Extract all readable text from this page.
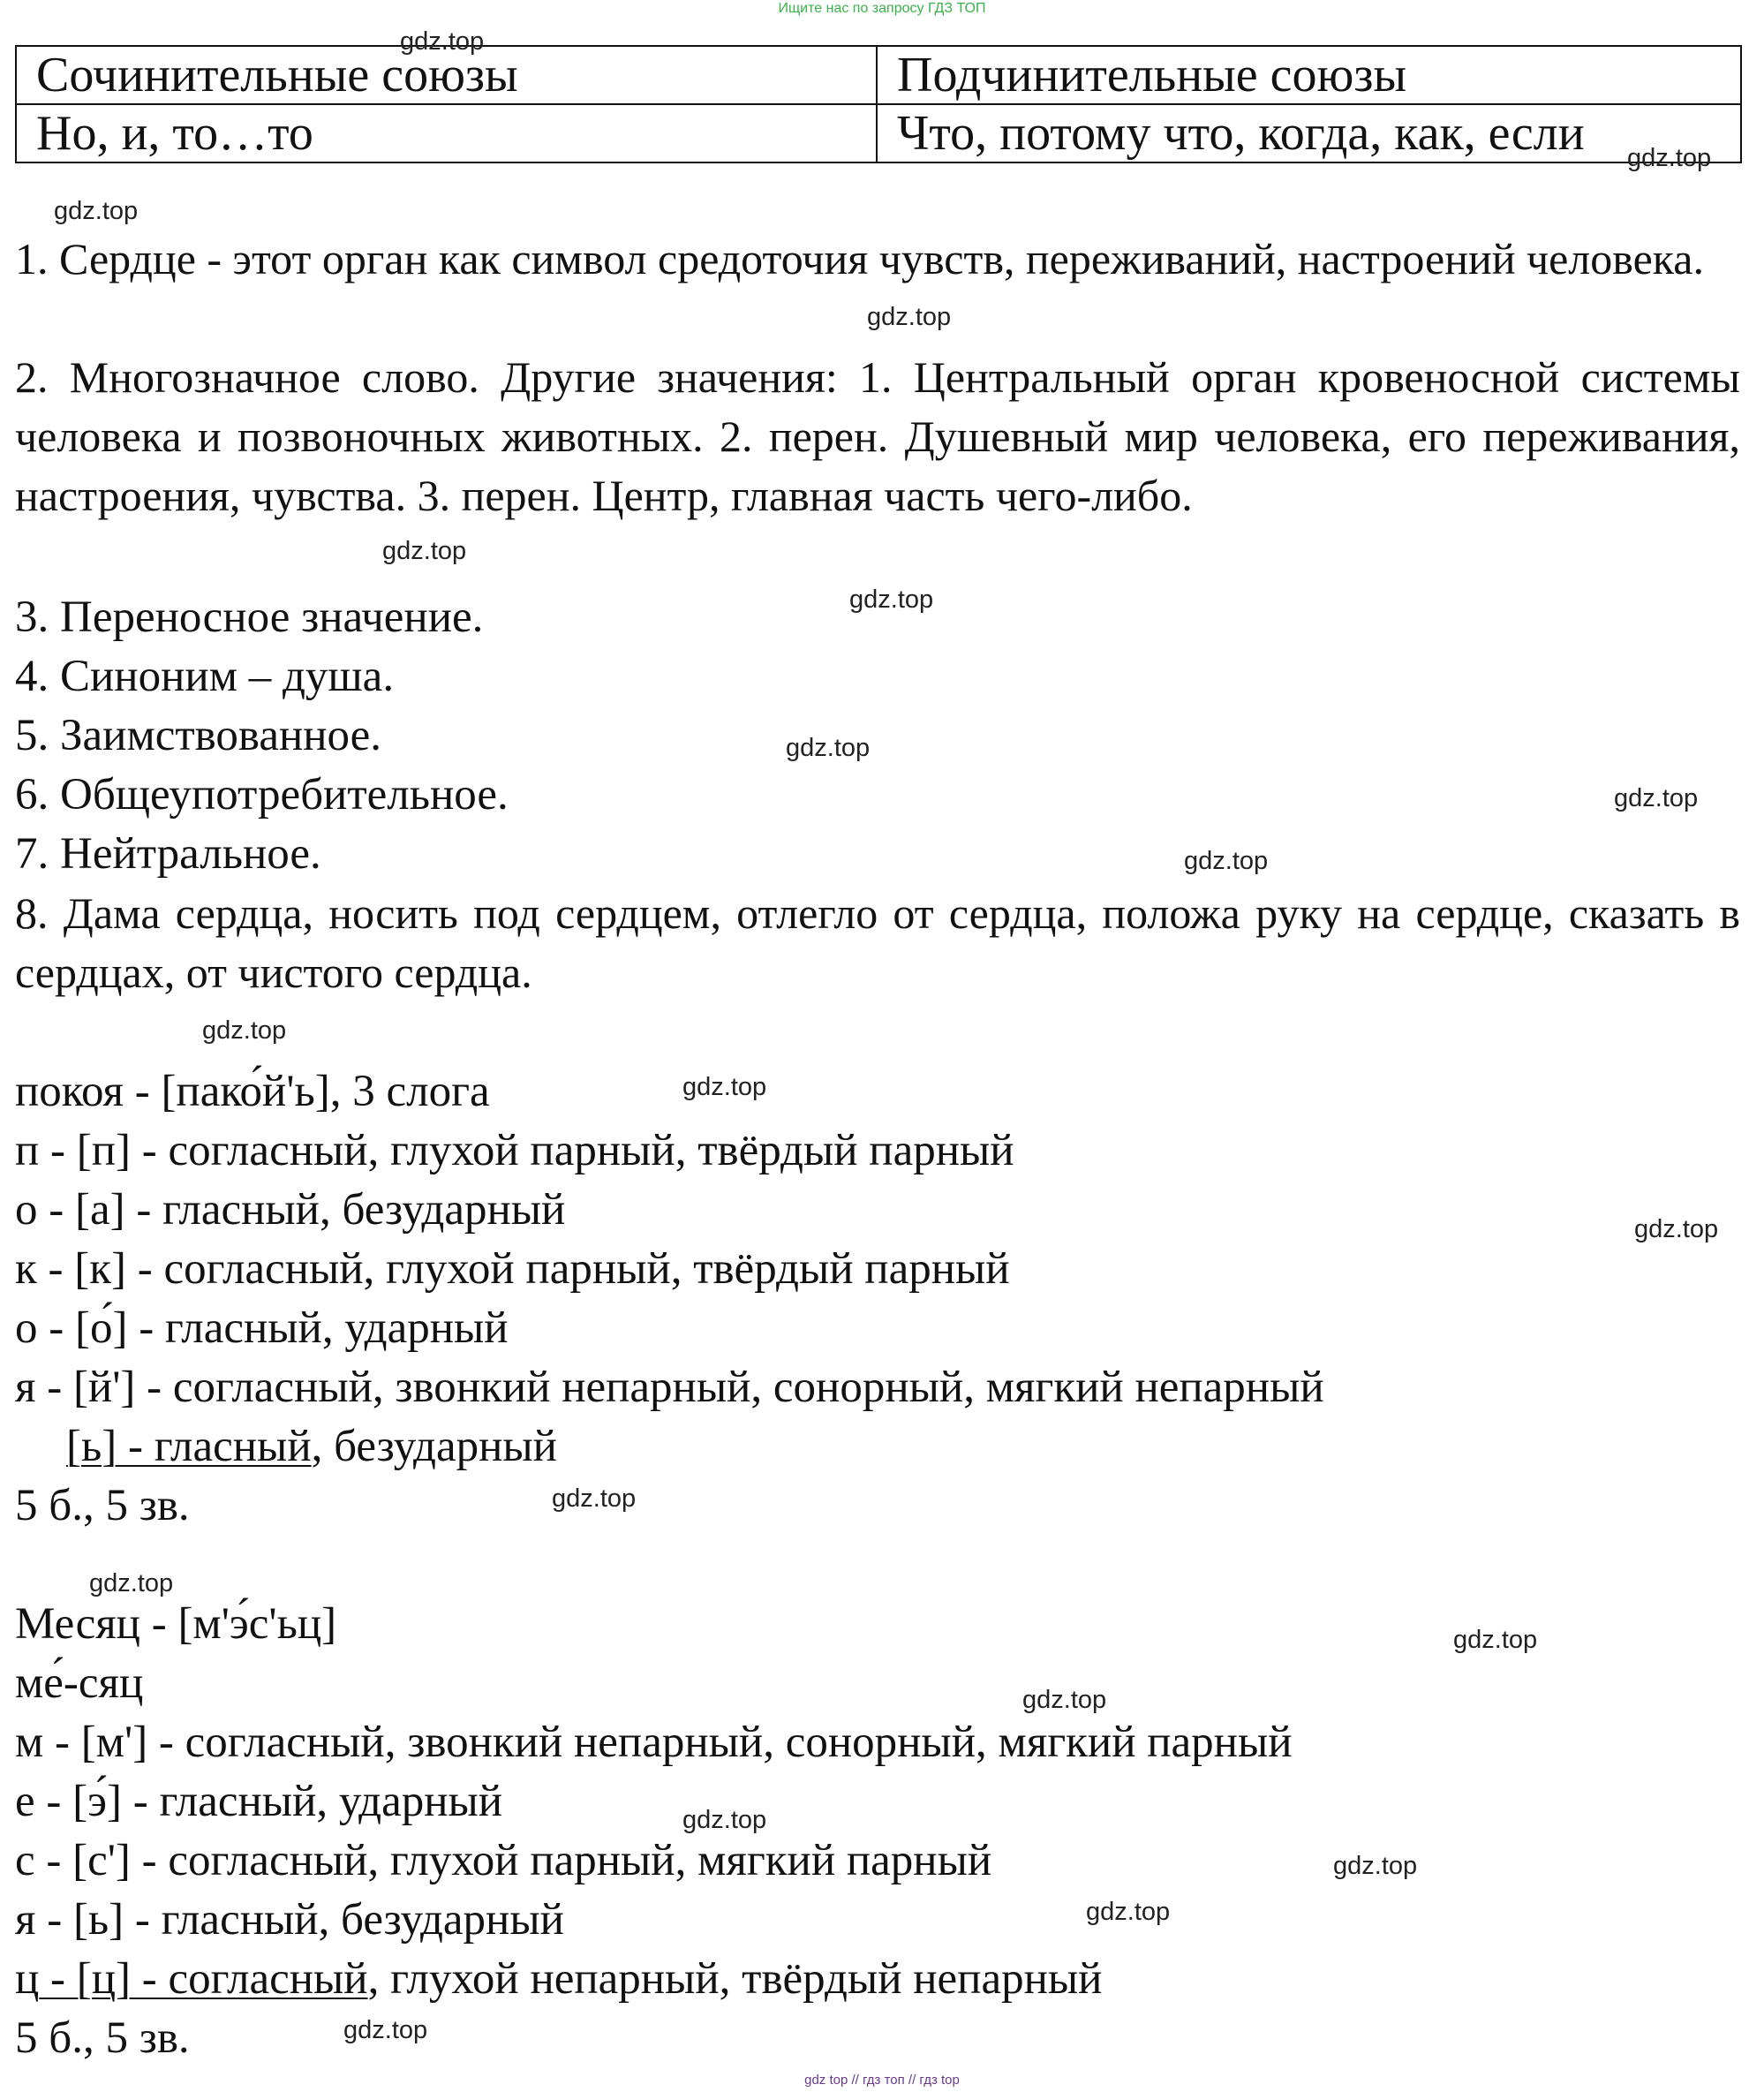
Ищите нас по запросу ГДЗ ТОП
Сочинительные союзы	Подчинительные союзы
Но, и, то…то	Что, потому что, когда, как, если

1. Сердце - этот орган как символ средоточия чувств, переживаний, настроений человека.

2. Многозначное слово. Другие значения: 1. Центральный орган кровеносной системы человека и позвоночных животных. 2. перен. Душевный мир человека, его переживания, настроения, чувства. 3. перен. Центр, главная часть чего-либо.

3. Переносное значение.

4. Синоним – душа.

5. Заимствованное.

6. Общеупотребительное.

7. Нейтральное.

8. Дама сердца, носить под сердцем, отлегло от сердца, положа руку на сердце, сказать в сердцах, от чистого сердца.

покоя - [пако́й'ь], 3 слога

п - [п] - согласный, глухой парный, твёрдый парный

о - [а] - гласный, безударный

к - [к] - согласный, глухой парный, твёрдый парный

о - [о́] - гласный, ударный

я - [й'] - согласный, звонкий непарный, сонорный, мягкий непарный

[ь] - гласный, безударный

5 б., 5 зв.

Месяц - [м'э́с'ьц]

ме́-сяц

м - [м'] - согласный, звонкий непарный, сонорный, мягкий парный

е - [э́] - гласный, ударный

с - [с'] - согласный, глухой парный, мягкий парный

я - [ь] - гласный, безударный

ц - [ц] - согласный, глухой непарный, твёрдый непарный

5 б., 5 зв.

gdz.top
gdz.top
gdz.top
gdz.top
gdz.top
gdz.top
gdz.top
gdz.top
gdz.top
gdz.top
gdz.top
gdz.top
gdz.top
gdz.top
gdz.top
gdz.top
gdz.top
gdz.top
gdz.top
gdz.top
gdz top // гдз топ // гдз top
